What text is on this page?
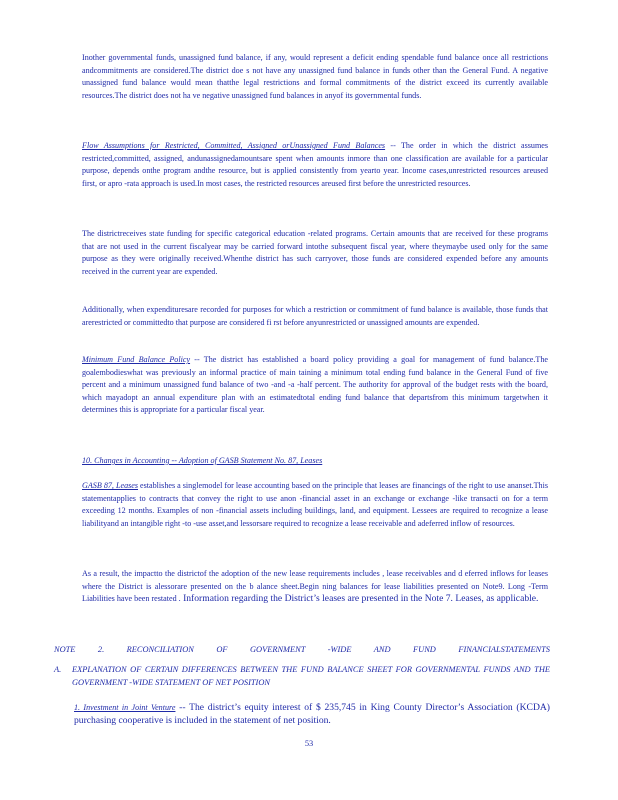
Inother governmental funds, unassigned fund balance, if any, would represent a deficit ending spendable fund balance once all restrictions andcommitments are considered.The district doe s not have any unassigned fund balance in funds other than the General Fund. A negative unassigned fund balance would mean thatthe legal restrictions and formal commitments of the district exceed its currently available resources.The district does not ha ve negative unassigned fund balances in anyof its governmental funds.

Flow Assumptions for Restricted, Committed, Assigned orUnassigned Fund Balances -- The order in which the district assumes restricted,committed, assigned, andunassignedamountsare spent when amounts inmore than one classification are available for a particular purpose, depends onthe program andthe resource, but is applied consistently from yearto year. Income cases,unrestricted resources areused first, or apro -rata approach is used.In most cases, the restricted resources areused first before the unrestricted resources.

The districtreceives state funding for specific categorical education -related programs. Certain amounts that are received for these programs that are not used in the current fiscalyear may be carried forward intothe subsequent fiscal year, where theymaybe used only for the same purpose as they were originally received.Whenthe district has such carryover, those funds are considered expended before any amounts received in the current year are expended.

Additionally, when expendituresare recorded for purposes for which a restriction or commitment of fund balance is available, those funds that arerestricted or committedto that purpose are considered fi rst before anyunrestricted or unassigned amounts are expended.

Minimum Fund Balance Policy -- The district has established a board policy providing a goal for management of fund balance.The goalembodieswhat was previously an informal practice of main taining a minimum total ending fund balance in the General Fund of five percent and a minimum unassigned fund balance of two -and -a -half percent. The authority for approval of the budget rests with the board, which mayadopt an annual expenditure plan with an estimatedtotal ending fund balance that departsfrom this minimum targetwhen it determines this is appropriate for a particular fiscal year.

10. Changes in Accounting -- Adoption of GASB Statement No. 87, Leases

GASB 87, Leases establishes a singlemodel for lease accounting based on the principle that leases are financings of the right to use ananset.This statementapplies to contracts that convey the right to use anon -financial asset in an exchange or exchange -like transacti on for a term exceeding 12 months. Examples of non -financial assets including buildings, land, and equipment. Lessees are required to recognize a lease liabilityand an intangible right -to -use asset,and lessorsare required to recognize a lease receivable and adeferred inflow of resources.

As a result, the impactto the districtof the adoption of the new lease requirements includes , lease receivables and d eferred inflows for leases where the District is alessorare presented on the b alance sheet.Begin ning balances for lease liabilities presented on Note9. Long -Term Liabilities have been restated . Information regarding the District’s leases are presented in the Note 7. Leases, as applicable.

NOTE 2. RECONCILIATION OF GOVERNMENT -WIDE AND FUND FINANCIALSTATEMENTS

A.	EXPLANATION OF CERTAIN DIFFERENCES BETWEEN THE FUND BALANCE SHEET FOR GOVERNMENTAL FUNDS AND THE GOVERNMENT -WIDE STATEMENT OF NET POSITION

1. Investment in Joint Venture -- The district’s equity interest of $ 235,745 in King County Director’s Association (KCDA) purchasing cooperative is included in the statement of net position.

53
